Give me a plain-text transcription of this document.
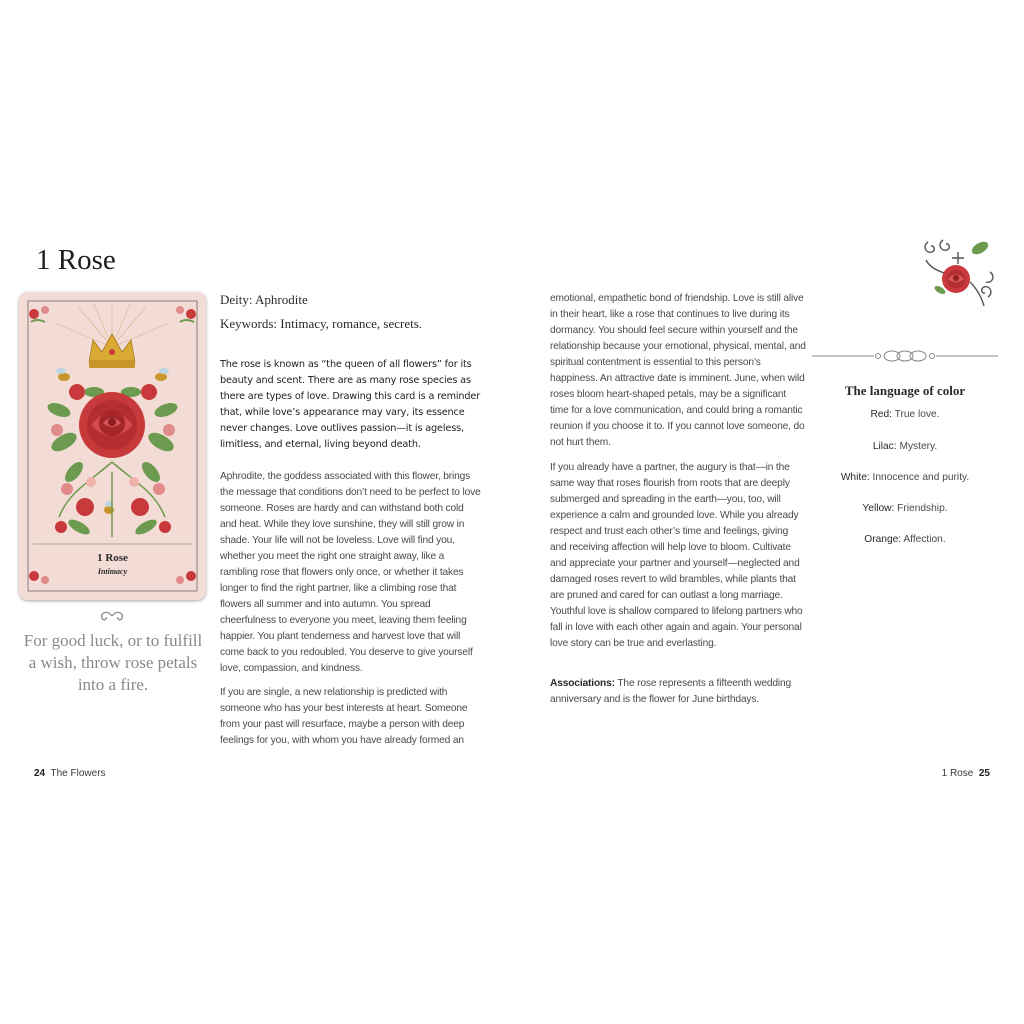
1 Rose
1 Rose
Intimacy

For good luck, or to fulfill a wish, throw rose petals into a fire.

Deity: Aphrodite

Keywords: Intimacy, romance, secrets.

The rose is known as “the queen of all flowers” for its beauty and scent. There are as many rose species as there are types of love. Drawing this card is a reminder that, while love’s appearance may vary, its essence never changes. Love outlives passion—it is ageless, limitless, and eternal, living beyond death.

Aphrodite, the goddess associated with this flower, brings the message that conditions don’t need to be perfect to love someone. Roses are hardy and can withstand both cold and heat. While they love sunshine, they will still grow in shade. Your life will not be loveless. Love will find you, whether you meet the right one straight away, like a rambling rose that flowers only once, or whether it takes longer to find the right partner, like a climbing rose that flowers all summer and into autumn. You spread cheerfulness to everyone you meet, leaving them feeling happier. You plant tenderness and harvest love that will come back to you redoubled. You deserve to give yourself love, compassion, and kindness.

If you are single, a new relationship is predicted with someone who has your best interests at heart. Someone from your past will resurface, maybe a person with deep feelings for you, with whom you have already formed an

emotional, empathetic bond of friendship. Love is still alive in their heart, like a rose that continues to live during its dormancy. You should feel secure within yourself and the relationship because your emotional, physical, mental, and spiritual contentment is essential to this person’s happiness. An attractive date is imminent. June, when wild roses bloom heart-shaped petals, may be a significant time for a love communication, and could bring a romantic reunion if you choose it to. If you cannot love someone, do not hurt them.

If you already have a partner, the augury is that—in the same way that roses flourish from roots that are deeply submerged and spreading in the earth—you, too, will experience a calm and grounded love. While you already respect and trust each other’s time and feelings, giving and receiving affection will help love to bloom. Cultivate and appreciate your partner and yourself—neglected and damaged roses revert to wild brambles, while plants that are pruned and cared for can outlast a long marriage. Youthful love is shallow compared to lifelong partners who fall in love with each other again and again. Your personal love story can be true and everlasting.

Associations: The rose represents a fifteenth wedding anniversary and is the flower for June birthdays.

The language of color

Red: True love.

Lilac: Mystery.

White: Innocence and purity.

Yellow: Friendship.

Orange: Affection.

24 The Flowers	1 Rose 25
